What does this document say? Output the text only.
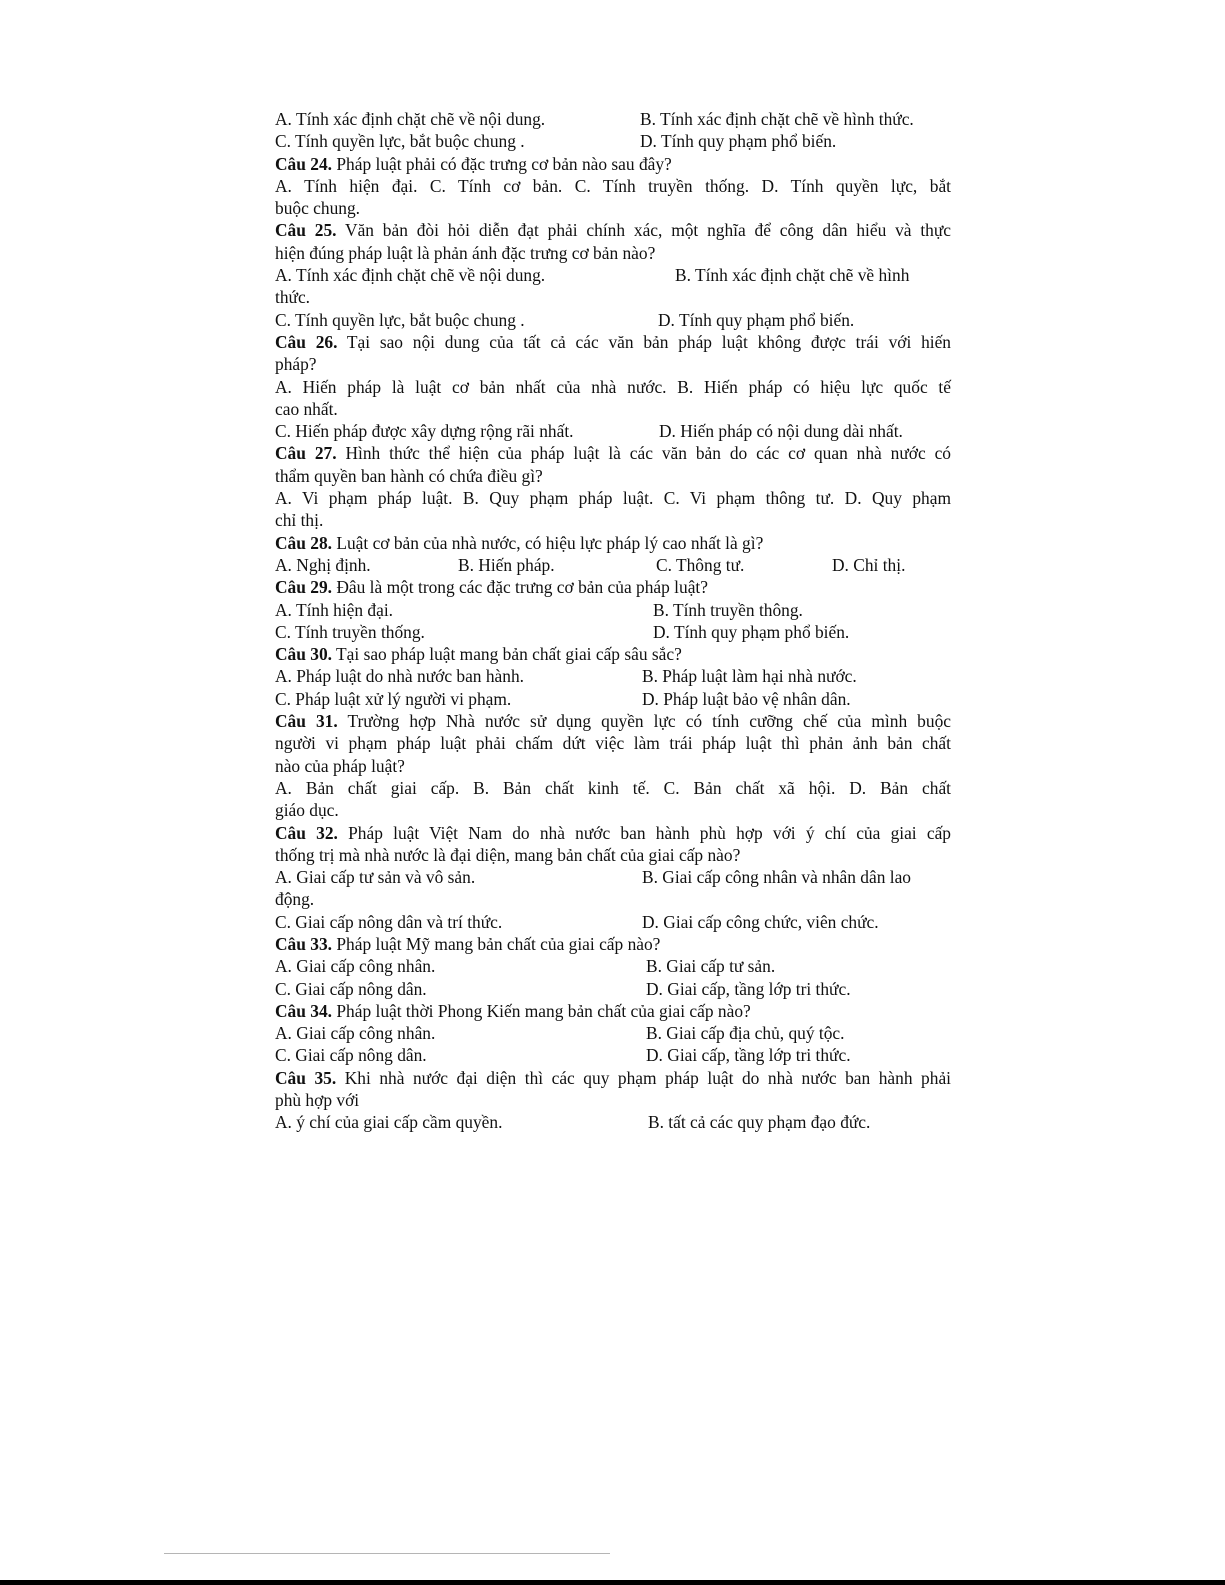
A. Tính xác định chặt chẽ về nội dung.	B. Tính xác định chặt chẽ về hình thức.
C. Tính quyền lực, bắt buộc chung .	D. Tính quy phạm phổ biến.
Câu 24. Pháp luật phải có đặc trưng cơ bản nào sau đây?
A. Tính hiện đại. C. Tính cơ bản. C. Tính truyền thống. D. Tính quyền lực, bắt
buộc chung.
Câu 25. Văn bản đòi hỏi diễn đạt phải chính xác, một nghĩa để công dân hiểu và thực
hiện đúng pháp luật là phản ánh đặc trưng cơ bản nào?
A. Tính xác định chặt chẽ về nội dung.	B. Tính xác định chặt chẽ về hình
thức.
C. Tính quyền lực, bắt buộc chung .	D. Tính quy phạm phổ biến.
Câu 26. Tại sao nội dung của tất cả các văn bản pháp luật không được trái với hiến
pháp?
A. Hiến pháp là luật cơ bản nhất của nhà nước. B. Hiến pháp có hiệu lực quốc tế
cao nhất.
C. Hiến pháp được xây dựng rộng rãi nhất.	D. Hiến pháp có nội dung dài nhất.
Câu 27. Hình thức thể hiện của pháp luật là các văn bản do các cơ quan nhà nước có
thẩm quyền ban hành có chứa điều gì?
A. Vi phạm pháp luật. B. Quy phạm pháp luật. C. Vi phạm thông tư. D. Quy phạm
chỉ thị.
Câu 28. Luật cơ bản của nhà nước, có hiệu lực pháp lý cao nhất là gì?
A. Nghị định.	B. Hiến pháp.	C. Thông tư.	D. Chỉ thị.
Câu 29. Đâu là một trong các đặc trưng cơ bản của pháp luật?
A. Tính hiện đại.	B. Tính truyền thông.
C. Tính truyền thống.	D. Tính quy phạm phổ biến.
Câu 30. Tại sao pháp luật mang bản chất giai cấp sâu sắc?
A. Pháp luật do nhà nước ban hành.	B. Pháp luật làm hại nhà nước.
C. Pháp luật xử lý người vi phạm.	D. Pháp luật bảo vệ nhân dân.
Câu 31. Trường hợp Nhà nước sử dụng quyền lực có tính cưỡng chế của mình buộc
người vi phạm pháp luật phải chấm dứt việc làm trái pháp luật thì phản ảnh bản chất
nào của pháp luật?
A. Bản chất giai cấp. B. Bản chất kinh tế. C. Bản chất xã hội. D. Bản chất
giáo dục.
Câu 32. Pháp luật Việt Nam do nhà nước ban hành phù hợp với ý chí của giai cấp
thống trị mà nhà nước là đại diện, mang bản chất của giai cấp nào?
A. Giai cấp tư sản và vô sản.	B. Giai cấp công nhân và nhân dân lao
động.
C. Giai cấp nông dân và trí thức.	D. Giai cấp công chức, viên chức.
Câu 33. Pháp luật Mỹ mang bản chất của giai cấp nào?
A. Giai cấp công nhân.	B. Giai cấp tư sản.
C. Giai cấp nông dân.	D. Giai cấp, tầng lớp tri thức.
Câu 34. Pháp luật thời Phong Kiến mang bản chất của giai cấp nào?
A. Giai cấp công nhân.	B. Giai cấp địa chủ, quý tộc.
C. Giai cấp nông dân.	D. Giai cấp, tầng lớp tri thức.
Câu 35. Khi nhà nước đại diện thì các quy phạm pháp luật do nhà nước ban hành phải
phù hợp với
A. ý chí của giai cấp cầm quyền.	B. tất cả các quy phạm đạo đức.
